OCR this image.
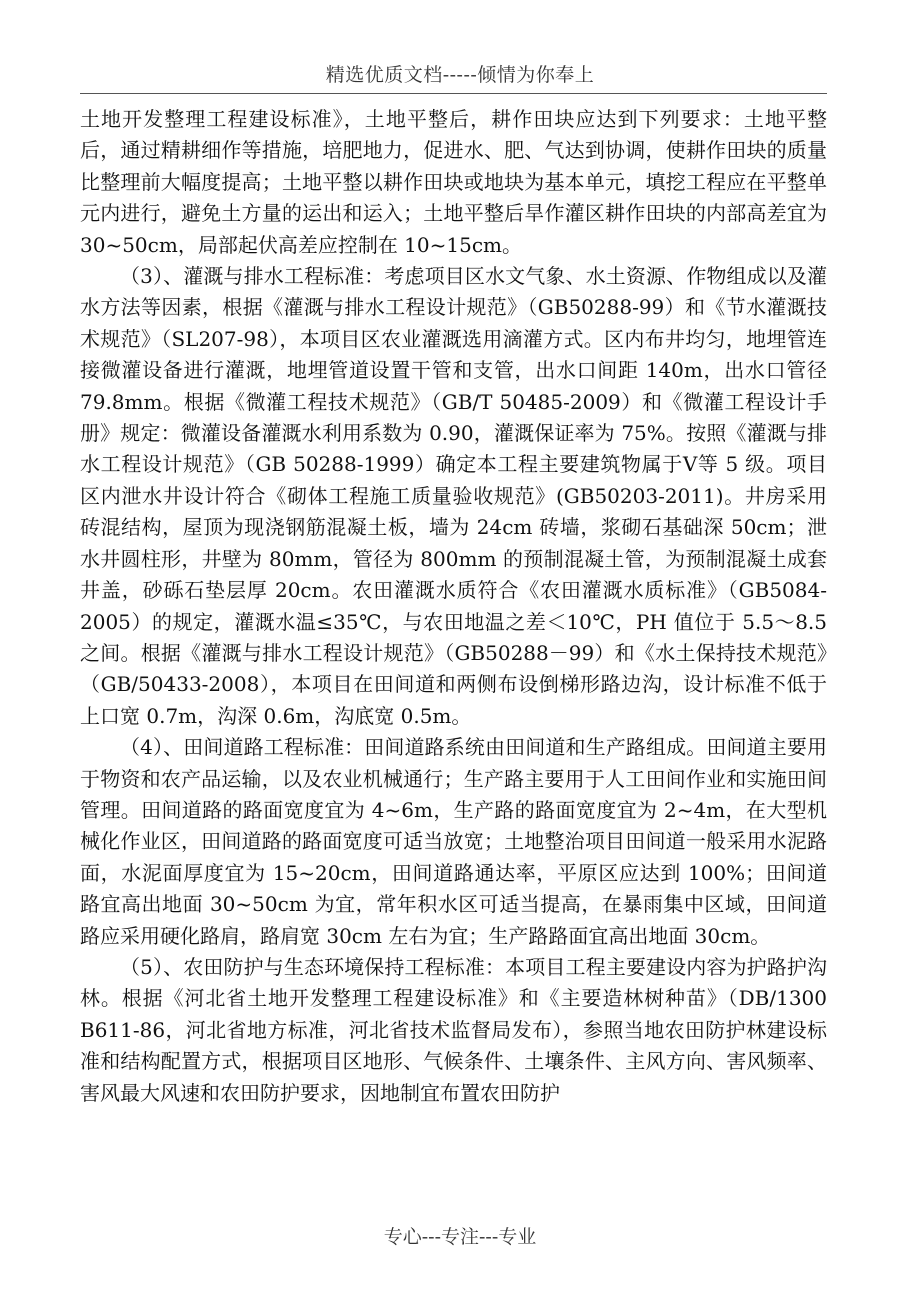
精选优质文档-----倾情为你奉上

土地开发整理工程建设标准》，土地平整后，耕作田块应达到下列要求：土地平整后，通过精耕细作等措施，培肥地力，促进水、肥、气达到协调，使耕作田块的质量比整理前大幅度提高；土地平整以耕作田块或地块为基本单元，填挖工程应在平整单元内进行，避免土方量的运出和运入；土地平整后旱作灌区耕作田块的内部高差宜为 30~50cm，局部起伏高差应控制在 10~15cm。

（3）、灌溉与排水工程标准：考虑项目区水文气象、水土资源、作物组成以及灌水方法等因素，根据《灌溉与排水工程设计规范》（GB50288-99）和《节水灌溉技术规范》（SL207-98），本项目区农业灌溉选用滴灌方式。区内布井均匀，地埋管连接微灌设备进行灌溉，地埋管道设置干管和支管，出水口间距 140m，出水口管径 79.8mm。根据《微灌工程技术规范》（GB/T 50485-2009）和《微灌工程设计手册》规定：微灌设备灌溉水利用系数为 0.90，灌溉保证率为 75%。按照《灌溉与排水工程设计规范》（GB 50288-1999）确定本工程主要建筑物属于Ⅴ等 5 级。项目区内泄水井设计符合《砌体工程施工质量验收规范》(GB50203-2011)。井房采用砖混结构，屋顶为现浇钢筋混凝土板，墙为 24cm 砖墙，浆砌石基础深 50cm；泄水井圆柱形，井壁为 80mm，管径为 800mm 的预制混凝土管，为预制混凝土成套井盖，砂砾石垫层厚 20cm。农田灌溉水质符合《农田灌溉水质标准》（GB5084-2005）的规定，灌溉水温≤35℃，与农田地温之差＜10℃，PH 值位于 5.5～8.5 之间。根据《灌溉与排水工程设计规范》（GB50288－99）和《水土保持技术规范》（GB/50433-2008），本项目在田间道和两侧布设倒梯形路边沟，设计标准不低于上口宽 0.7m，沟深 0.6m，沟底宽 0.5m。

（4）、田间道路工程标准：田间道路系统由田间道和生产路组成。田间道主要用于物资和农产品运输，以及农业机械通行；生产路主要用于人工田间作业和实施田间管理。田间道路的路面宽度宜为 4~6m，生产路的路面宽度宜为 2~4m，在大型机械化作业区，田间道路的路面宽度可适当放宽；土地整治项目田间道一般采用水泥路面，水泥面厚度宜为 15~20cm，田间道路通达率，平原区应达到 100%；田间道路宜高出地面 30~50cm 为宜，常年积水区可适当提高，在暴雨集中区域，田间道路应采用硬化路肩，路肩宽 30cm 左右为宜；生产路路面宜高出地面 30cm。

（5）、农田防护与生态环境保持工程标准：本项目工程主要建设内容为护路护沟林。根据《河北省土地开发整理工程建设标准》和《主要造林树种苗》（DB/1300 B611-86，河北省地方标准，河北省技术监督局发布），参照当地农田防护林建设标准和结构配置方式，根据项目区地形、气候条件、土壤条件、主风方向、害风频率、害风最大风速和农田防护要求，因地制宜布置农田防护

专心---专注---专业
